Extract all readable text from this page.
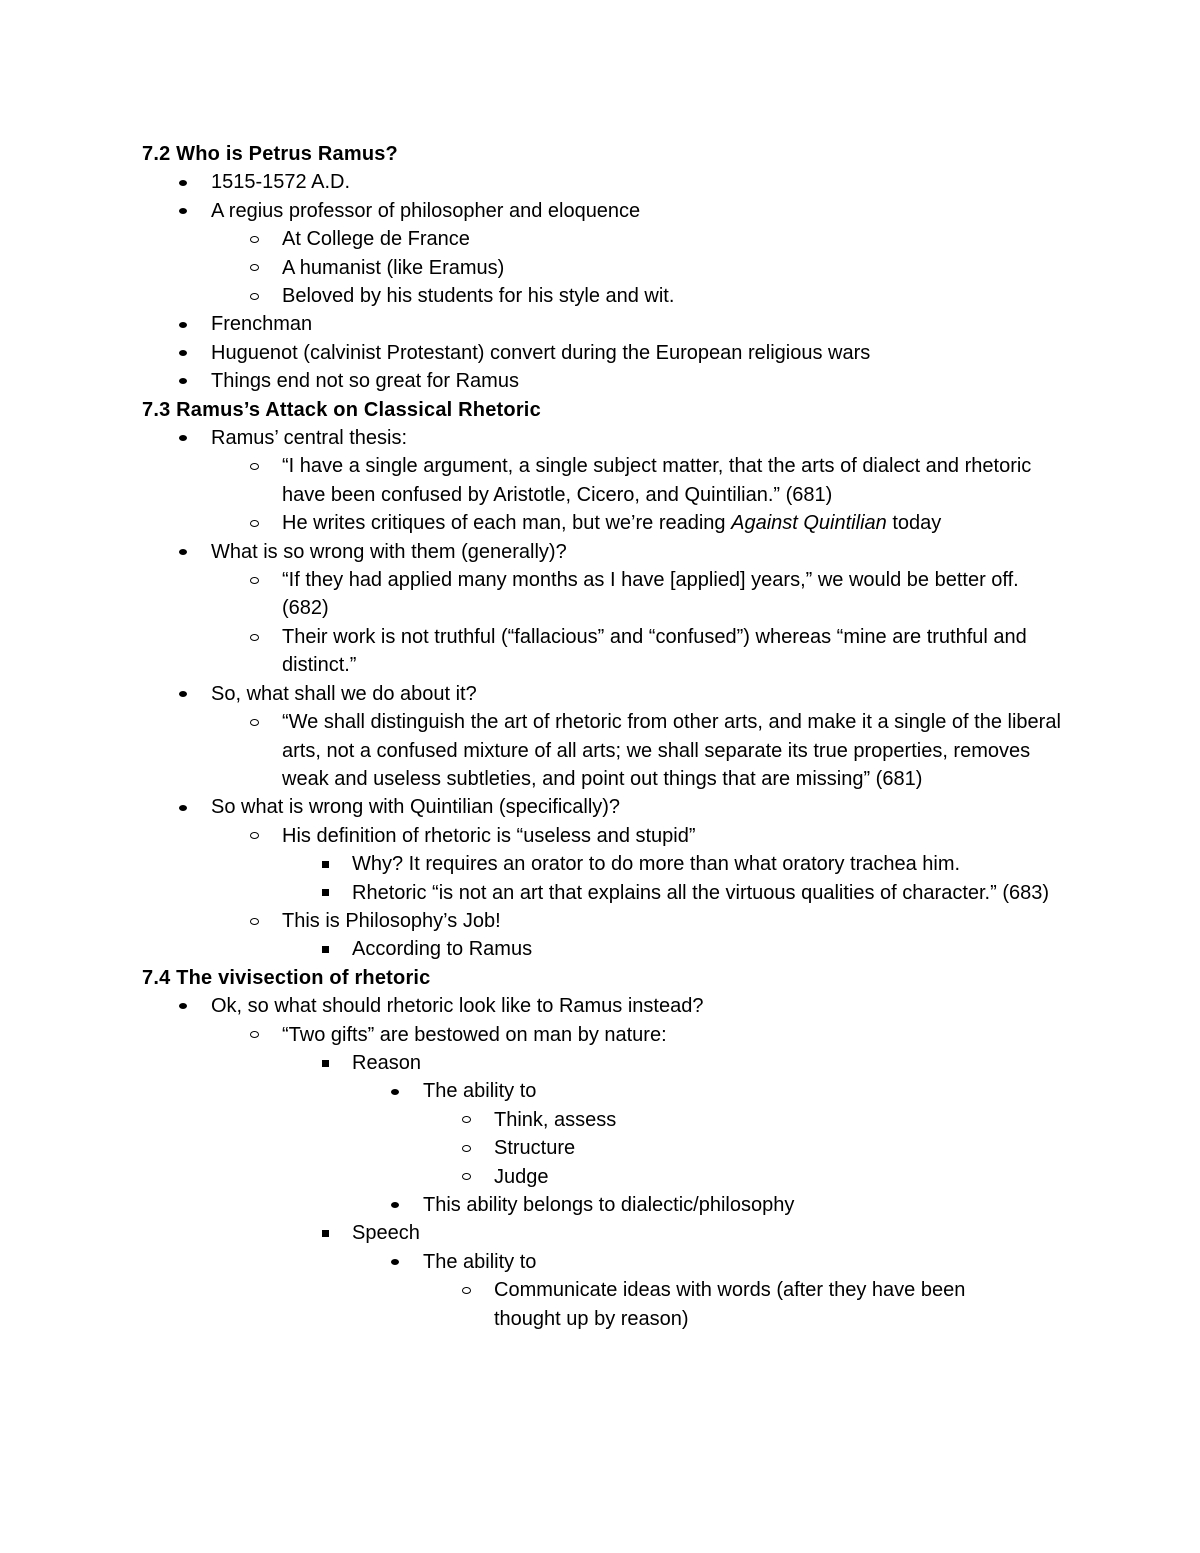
7.2 Who is Petrus Ramus?
1515-1572 A.D.
A regius professor of philosopher and eloquence
At College de France
A humanist (like Eramus)
Beloved by his students for his style and wit.
Frenchman
Huguenot (calvinist Protestant) convert during the European religious wars
Things end not so great for Ramus
7.3 Ramus’s Attack on Classical Rhetoric
Ramus’ central thesis:
“I have a single argument, a single subject matter, that the arts of dialect and rhetoric have been confused by Aristotle, Cicero, and Quintilian.” (681)
He writes critiques of each man, but we’re reading Against Quintilian today
What is so wrong with them (generally)?
“If they had applied many months as I have [applied] years,” we would be better off. (682)
Their work is not truthful (“fallacious” and “confused”) whereas “mine are truthful and distinct.”
So, what shall we do about it?
“We shall distinguish the art of rhetoric from other arts, and make it a single of the liberal arts, not a confused mixture of all arts; we shall separate its true properties, removes weak and useless subtleties, and point out things that are missing” (681)
So what is wrong with Quintilian (specifically)?
His definition of rhetoric is “useless and stupid”
Why? It requires an orator to do more than what oratory trachea him.
Rhetoric “is not an art that explains all the virtuous qualities of character.” (683)
This is Philosophy’s Job!
According to Ramus
7.4 The vivisection of rhetoric
Ok, so what should rhetoric look like to Ramus instead?
“Two gifts” are bestowed on man by nature:
Reason
The ability to
Think, assess
Structure
Judge
This ability belongs to dialectic/philosophy
Speech
The ability to
Communicate ideas with words (after they have been thought up by reason)
